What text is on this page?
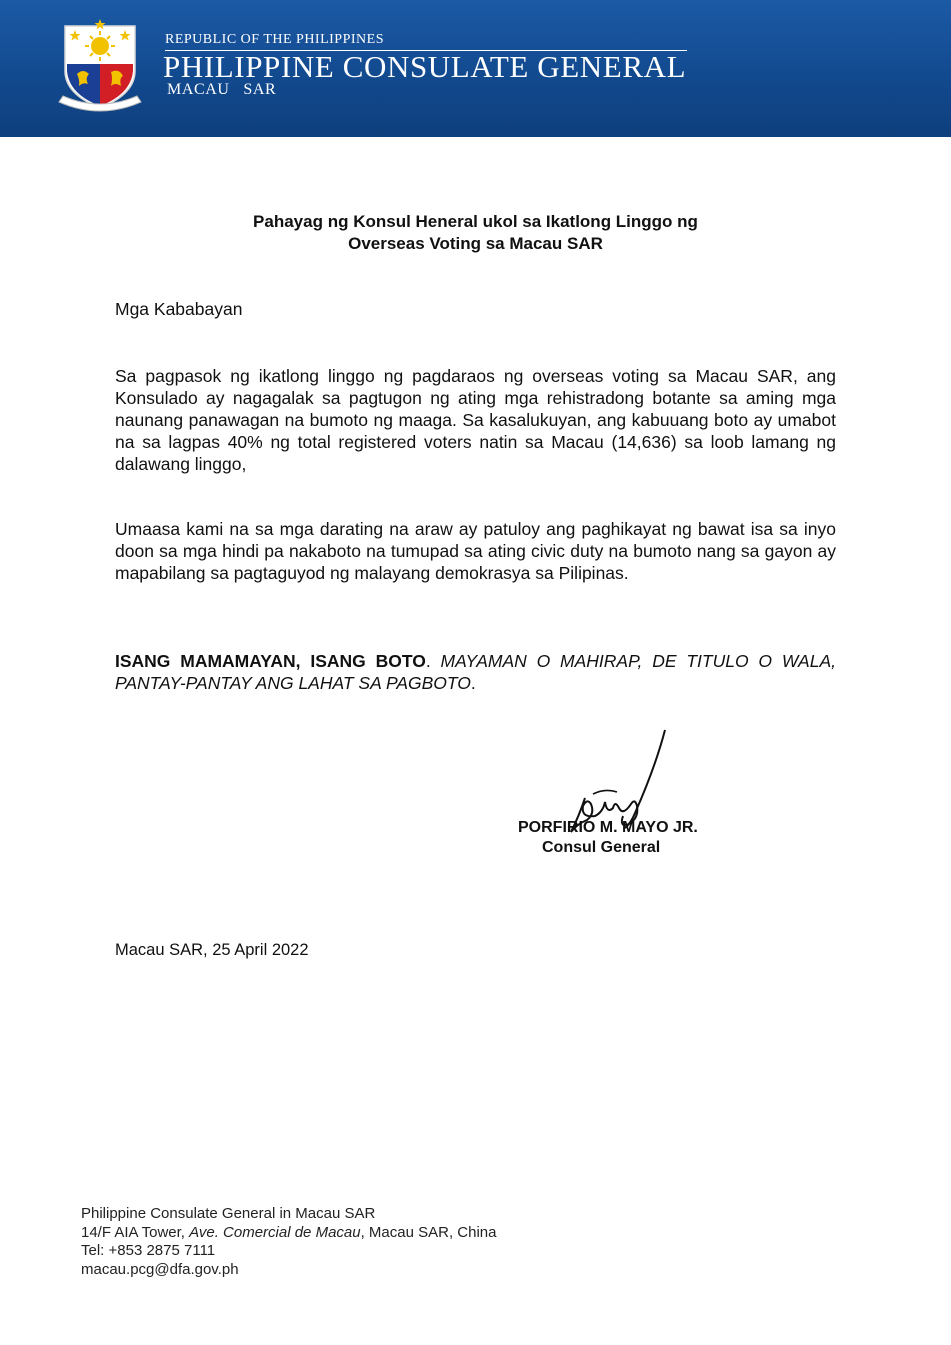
REPUBLIC OF THE PHILIPPINES
PHILIPPINE CONSULATE GENERAL
MACAU   SAR
Pahayag ng Konsul Heneral ukol sa Ikatlong Linggo ng
Overseas Voting sa Macau SAR
Mga Kababayan

Sa pagpasok ng ikatlong linggo ng pagdaraos ng overseas voting sa Macau SAR, ang Konsulado ay nagagalak sa pagtugon ng ating mga rehistradong botante sa aming mga naunang panawagan na bumoto ng maaga. Sa kasalukuyan, ang kabuuang boto ay umabot na sa lagpas 40% ng total registered voters natin sa Macau (14,636) sa loob lamang ng dalawang linggo,

Umaasa kami na sa mga darating na araw ay patuloy ang paghikayat ng bawat isa sa inyo doon sa mga hindi pa nakaboto na tumupad sa ating civic duty na bumoto nang sa gayon ay mapabilang sa pagtaguyod ng malayang demokrasya sa Pilipinas.

ISANG MAMAMAYAN, ISANG BOTO. MAYAMAN O MAHIRAP, DE TITULO O WALA, PANTAY-PANTAY ANG LAHAT SA PAGBOTO.

PORFIRIO M. MAYO JR.
Consul General
Macau SAR, 25 April 2022
Philippine Consulate General in Macau SAR
14/F AIA Tower, Ave. Comercial de Macau, Macau SAR, China
Tel: +853 2875 7111
macau.pcg@dfa.gov.ph
